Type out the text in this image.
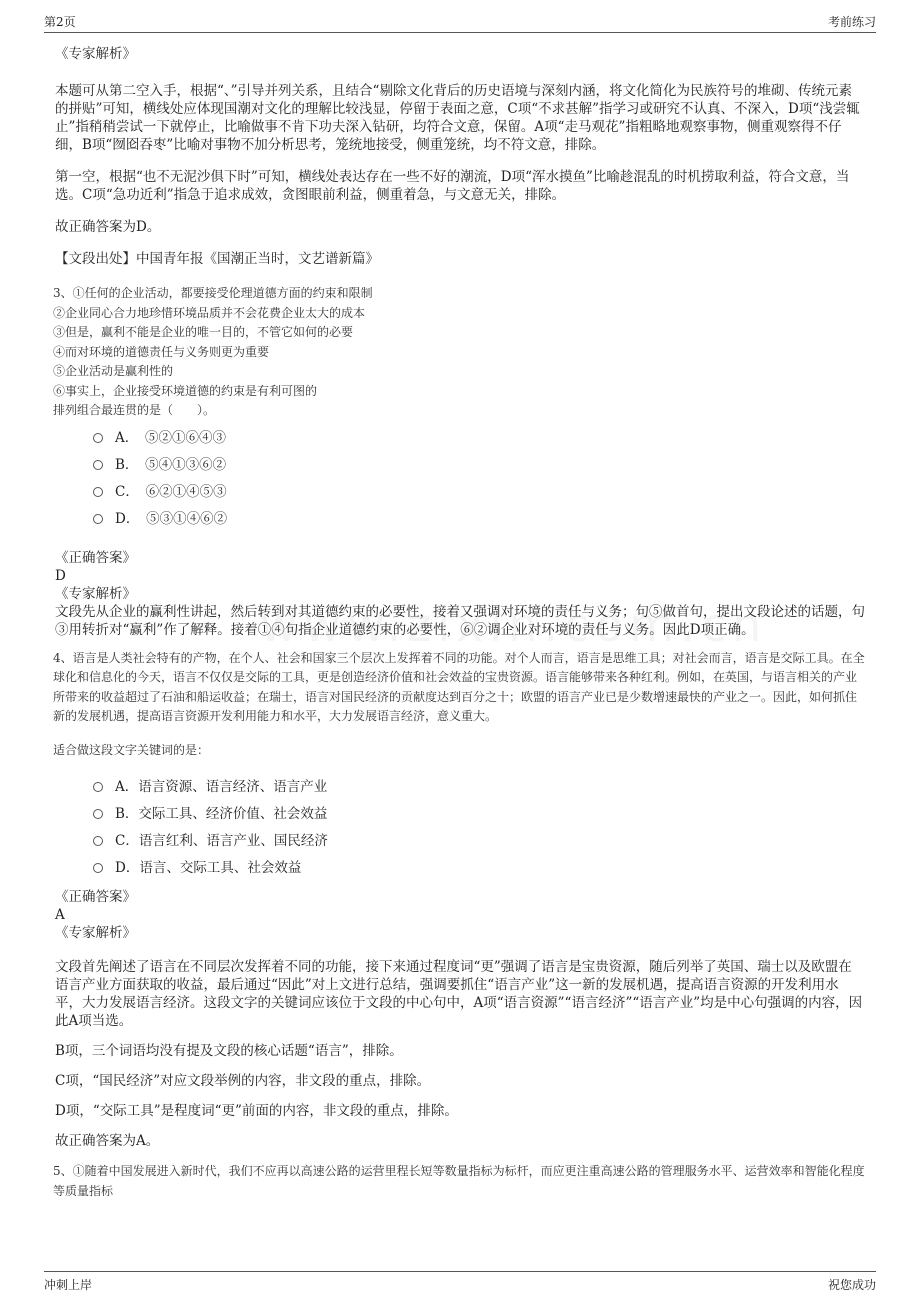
第2页	考前练习

《专家解析》

本题可从第二空入手，根据“、”引导并列关系，且结合“剔除文化背后的历史语境与深刻内涵，将文化简化为民族符号的堆砌、传统元素的拼贴”可知，横线处应体现国潮对文化的理解比较浅显，停留于表面之意，C项“不求甚解”指学习或研究不认真、不深入，D项“浅尝辄止”指稍稍尝试一下就停止，比喻做事不肯下功夫深入钻研，均符合文意，保留。A项“走马观花”指粗略地观察事物，侧重观察得不仔细，B项“囫囵吞枣”比喻对事物不加分析思考，笼统地接受，侧重笼统，均不符文意，排除。

第一空，根据“也不无泥沙俱下时”可知，横线处表达存在一些不好的潮流，D项“浑水摸鱼”比喻趁混乱的时机捞取利益，符合文意，当选。C项“急功近利”指急于追求成效，贪图眼前利益，侧重着急，与文意无关，排除。

故正确答案为D。

【文段出处】中国青年报《国潮正当时，文艺谱新篇》

3、①任何的企业活动，都要接受伦理道德方面的约束和限制

②企业同心合力地珍惜环境品质并不会花费企业太大的成本

③但是，赢利不能是企业的唯一目的，不管它如何的必要

④而对环境的道德责任与义务则更为重要

⑤企业活动是赢利性的

⑥事实上，企业接受环境道德的约束是有利可图的

排列组合最连贯的是（　　）。

A．　⑤②①⑥④③
B．　⑤④①③⑥②
C．　⑥②①④⑤③
D．　⑤③①④⑥②

《正确答案》

D

《专家解析》

文段先从企业的赢利性讲起，然后转到对其道德约束的必要性，接着又强调对环境的责任与义务；句⑤做首句，提出文段论述的话题，句③用转折对“赢利”作了解释。接着①④句指企业道德约束的必要性，⑥②调企业对环境的责任与义务。因此D项正确。

4、语言是人类社会特有的产物，在个人、社会和国家三个层次上发挥着不同的功能。对个人而言，语言是思维工具；对社会而言，语言是交际工具。在全球化和信息化的今天，语言不仅仅是交际的工具，更是创造经济价值和社会效益的宝贵资源。语言能够带来各种红利。例如，在英国，与语言相关的产业所带来的收益超过了石油和船运收益；在瑞士，语言对国民经济的贡献度达到百分之十；欧盟的语言产业已是少数增速最快的产业之一。因此，如何抓住新的发展机遇，提高语言资源开发利用能力和水平，大力发展语言经济，意义重大。

适合做这段文字关键词的是：

A．语言资源、语言经济、语言产业
B．交际工具、经济价值、社会效益
C．语言红利、语言产业、国民经济
D．语言、交际工具、社会效益

《正确答案》

A

《专家解析》

文段首先阐述了语言在不同层次发挥着不同的功能，接下来通过程度词“更”强调了语言是宝贵资源，随后列举了英国、瑞士以及欧盟在语言产业方面获取的收益，最后通过“因此”对上文进行总结，强调要抓住“语言产业”这一新的发展机遇，提高语言资源的开发利用水平，大力发展语言经济。这段文字的关键词应该位于文段的中心句中，A项“语言资源”“语言经济”“语言产业”均是中心句强调的内容，因此A项当选。

B项，三个词语均没有提及文段的核心话题“语言”，排除。

C项，“国民经济”对应文段举例的内容，非文段的重点，排除。

D项，“交际工具”是程度词“更”前面的内容，非文段的重点，排除。

故正确答案为A。

5、①随着中国发展进入新时代，我们不应再以高速公路的运营里程长短等数量指标为标杆，而应更注重高速公路的管理服务水平、运营效率和智能化程度等质量指标

冲刺上岸	祝您成功
